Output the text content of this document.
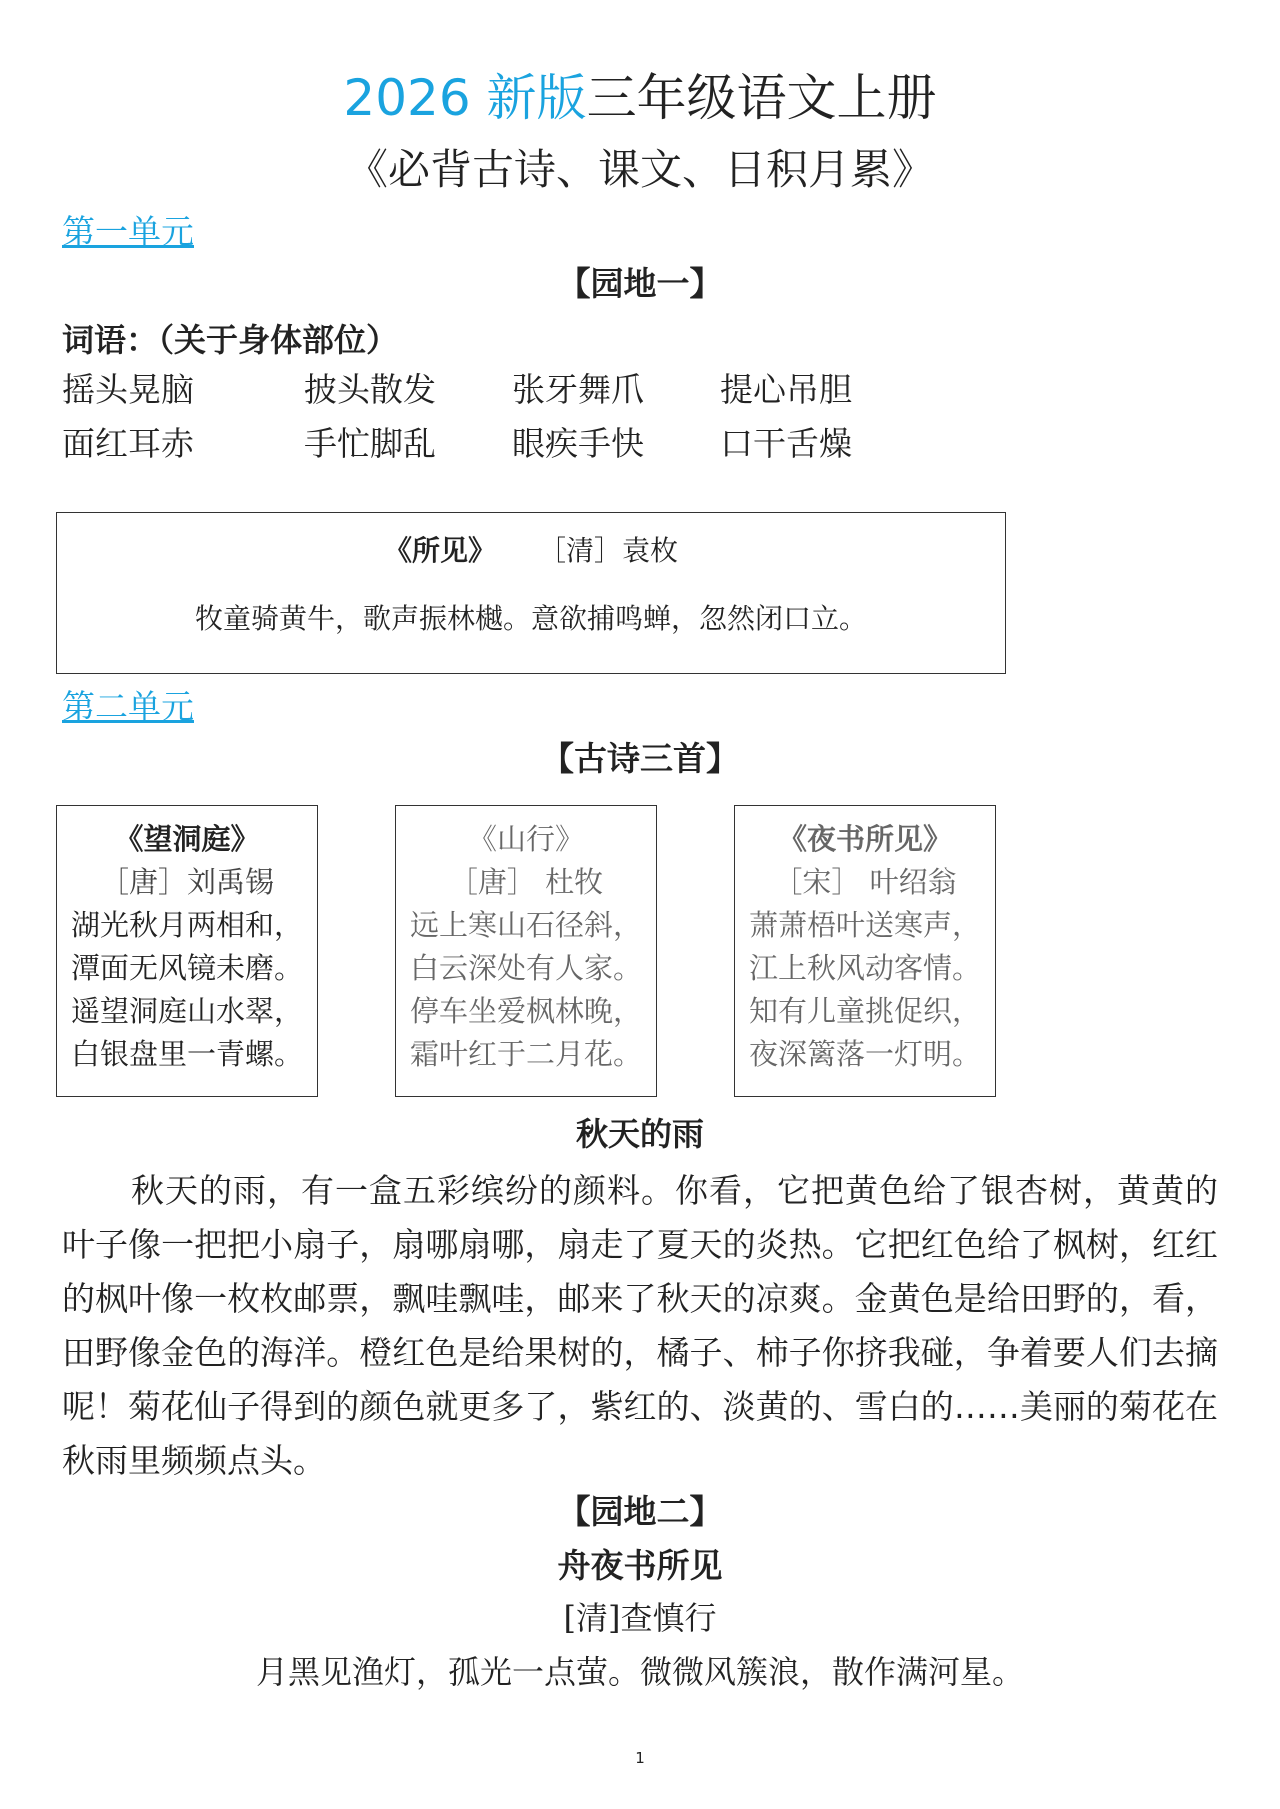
2026 新版三年级语文上册
《必背古诗、课文、日积月累》
第一单元
【园地一】
词语：（关于身体部位）
摇头晃脑	披头散发 张牙舞爪 提心吊胆
面红耳赤	手忙脚乱 眼疾手快 口干舌燥
《所见》 ［清］袁枚
牧童骑黄牛，歌声振林樾。意欲捕鸣蝉，忽然闭口立。
第二单元
【古诗三首】
《望洞庭》
［唐］刘禹锡
湖光秋月两相和，
潭面无风镜未磨。
遥望洞庭山水翠，
白银盘里一青螺。
《山行》
［唐］ 杜牧
远上寒山石径斜，
白云深处有人家。
停车坐爱枫林晚，
霜叶红于二月花。
《夜书所见》
［宋］ 叶绍翁
萧萧梧叶送寒声，
江上秋风动客情。
知有儿童挑促织，
夜深篱落一灯明。
秋天的雨
秋天的雨，有一盒五彩缤纷的颜料。你看，它把黄色给了银杏树，黄黄的叶子像一把把小扇子，扇哪扇哪，扇走了夏天的炎热。它把红色给了枫树，红红的枫叶像一枚枚邮票，飘哇飘哇，邮来了秋天的凉爽。金黄色是给田野的，看，田野像金色的海洋。橙红色是给果树的，橘子、柿子你挤我碰，争着要人们去摘呢！菊花仙子得到的颜色就更多了，紫红的、淡黄的、雪白的……美丽的菊花在秋雨里频频点头。
【园地二】
舟夜书所见
[清]查慎行
月黑见渔灯，孤光一点萤。微微风簇浪，散作满河星。
1
